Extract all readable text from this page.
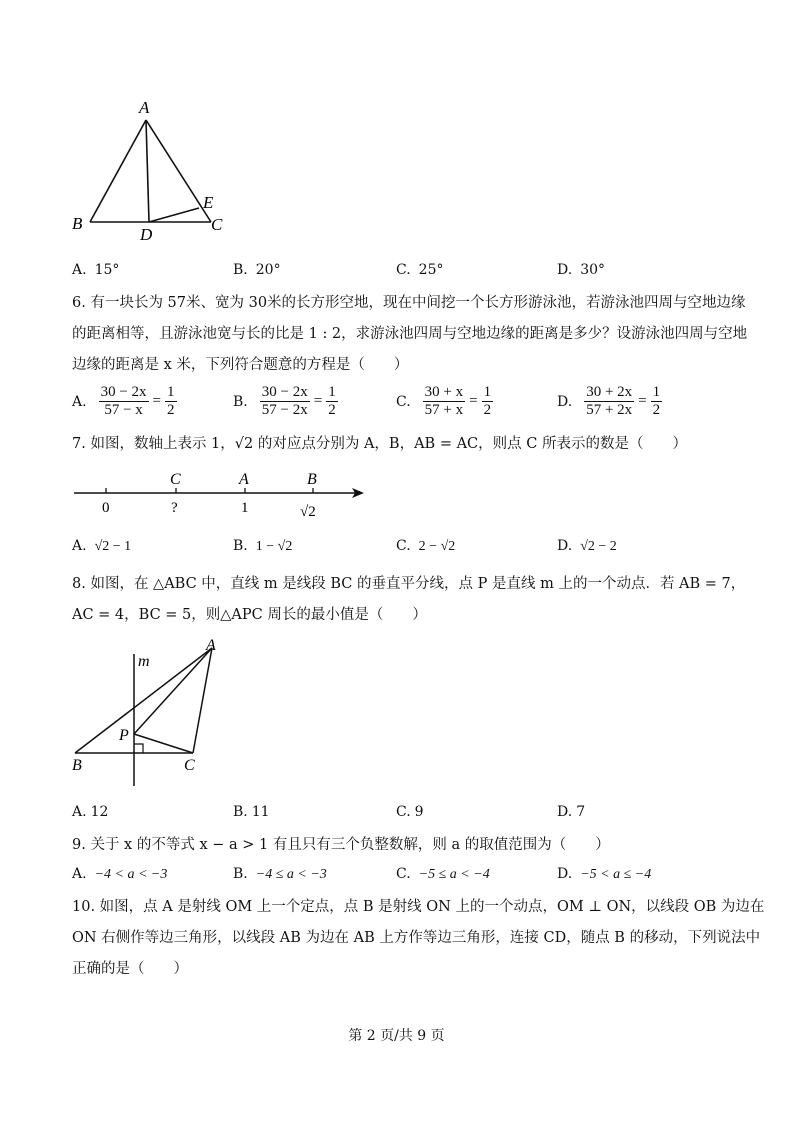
A
B	C
D
E
A. 15°	B. 20°	C. 25°	D. 30°
6. 有一块长为 57米、宽为 30米的长方形空地，现在中间挖一个长方形游泳池，若游泳池四周与空地边缘
的距离相等，且游泳池宽与长的比是 1 : 2，求游泳池四周与空地边缘的距离是多少？设游泳池四周与空地
边缘的距离是 x 米，下列符合题意的方程是（　　）
A. $\frac{30 - 2x}{57 - x} = \frac{1}{2}$	B. $\frac{30 - 2x}{57 - 2x} = \frac{1}{2}$	C. $\frac{30 + x}{57 + x} = \frac{1}{2}$	D. $\frac{30 + 2x}{57 + 2x} = \frac{1}{2}$
7. 如图，数轴上表示 1，√2 的对应点分别为 A，B，AB = AC，则点 C 所表示的数是（　　）
C	A	B
0	?	1	√2
A. √2 − 1	B. 1 − √2	C. 2 − √2	D. √2 − 2
8. 如图，在 △ABC 中，直线 m 是线段 BC 的垂直平分线，点 P 是直线 m 上的一个动点．若 AB = 7，
AC = 4，BC = 5，则△APC 周长的最小值是（　　）
m
A
P
B	C
A. 12	B. 11	C. 9	D. 7
9. 关于 x 的不等式 x − a > 1 有且只有三个负整数解，则 a 的取值范围为（　　）
A. −4 < a < −3	B. −4 ≤ a < −3	C. −5 ≤ a < −4	D. −5 < a ≤ −4
10. 如图，点 A 是射线 OM 上一个定点，点 B 是射线 ON 上的一个动点，OM ⊥ ON，以线段 OB 为边在
ON 右侧作等边三角形，以线段 AB 为边在 AB 上方作等边三角形，连接 CD，随点 B 的移动，下列说法中
正确的是（　　）
第 2 页/共 9 页
